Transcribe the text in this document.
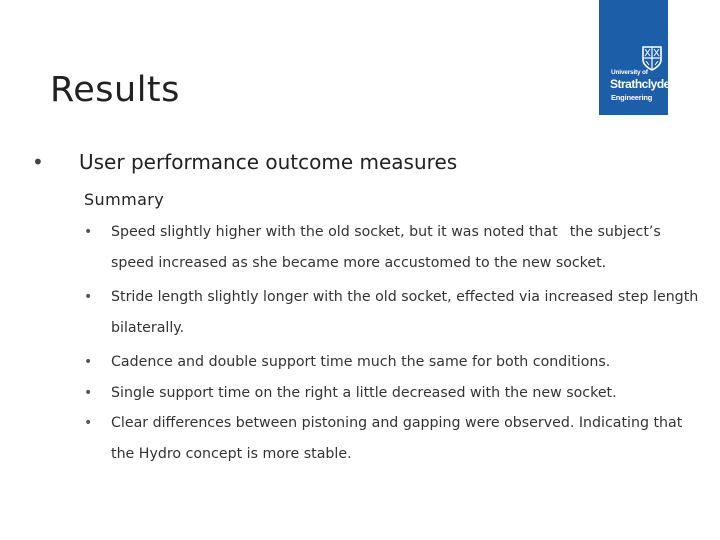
Results	University of
Strathclyde
Engineering
• User performance outcome measures
Summary
• Speed slightly higher with the old socket, but it was noted that the subject’s speed increased as she became more accustomed to the new socket.
• Stride length slightly longer with the old socket, effected via increased step length bilaterally.
• Cadence and double support time much the same for both conditions.
• Single support time on the right a little decreased with the new socket.
• Clear differences between pistoning and gapping were observed. Indicating that the Hydro concept is more stable.
